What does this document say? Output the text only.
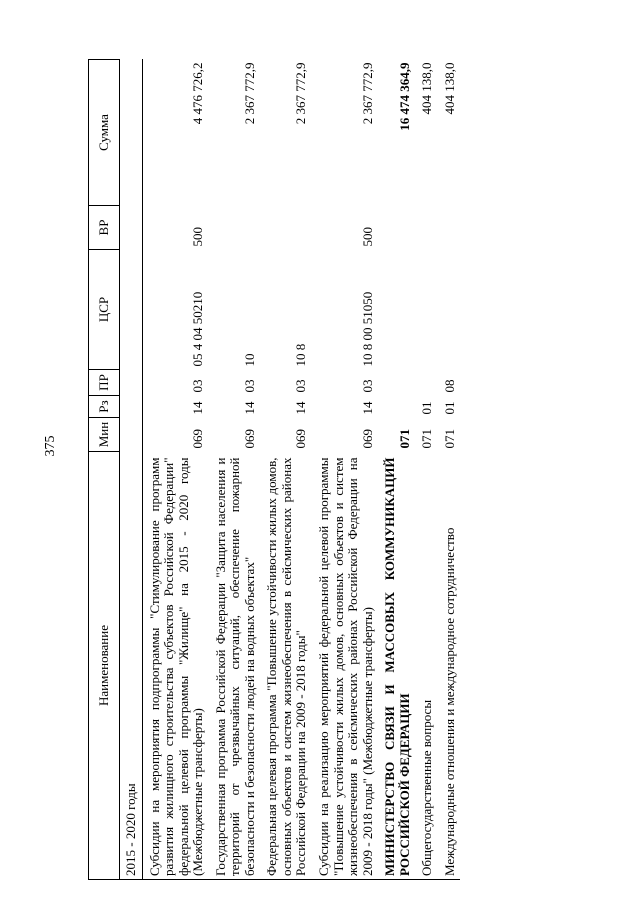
375
Наименование	Мин	Рз	ПР	ЦСР	ВР	Сумма
2015 - 2020 годы						
Субсидии на мероприятия подпрограммы "Стимулирование программ развития жилищного строительства субъектов Российской Федерации" федеральной целевой программы "Жилище" на 2015 - 2020 годы (Межбюджетные трансферты)	069	14	03	05 4 04 50210	500	4 476 726,2
Государственная программа Российской Федерации "Защита населения и территорий от чрезвычайных ситуаций, обеспечение пожарной безопасности и безопасности людей на водных объектах"	069	14	03	10		2 367 772,9
Федеральная целевая программа "Повышение устойчивости жилых домов, основных объектов и систем жизнеобеспечения в сейсмических районах Российской Федерации на 2009 - 2018 годы"	069	14	03	10 8		2 367 772,9
Субсидии на реализацию мероприятий федеральной целевой программы "Повышение устойчивости жилых домов, основных объектов и систем жизнеобеспечения в сейсмических районах Российской Федерации на 2009 - 2018 годы" (Межбюджетные трансферты)	069	14	03	10 8 00 51050	500	2 367 772,9
МИНИСТЕРСТВО СВЯЗИ И МАССОВЫХ КОММУНИКАЦИЙ РОССИЙСКОЙ ФЕДЕРАЦИИ	071					16 474 364,9
Общегосударственные вопросы	071	01				404 138,0
Международные отношения и международное сотрудничество	071	01	08			404 138,0
